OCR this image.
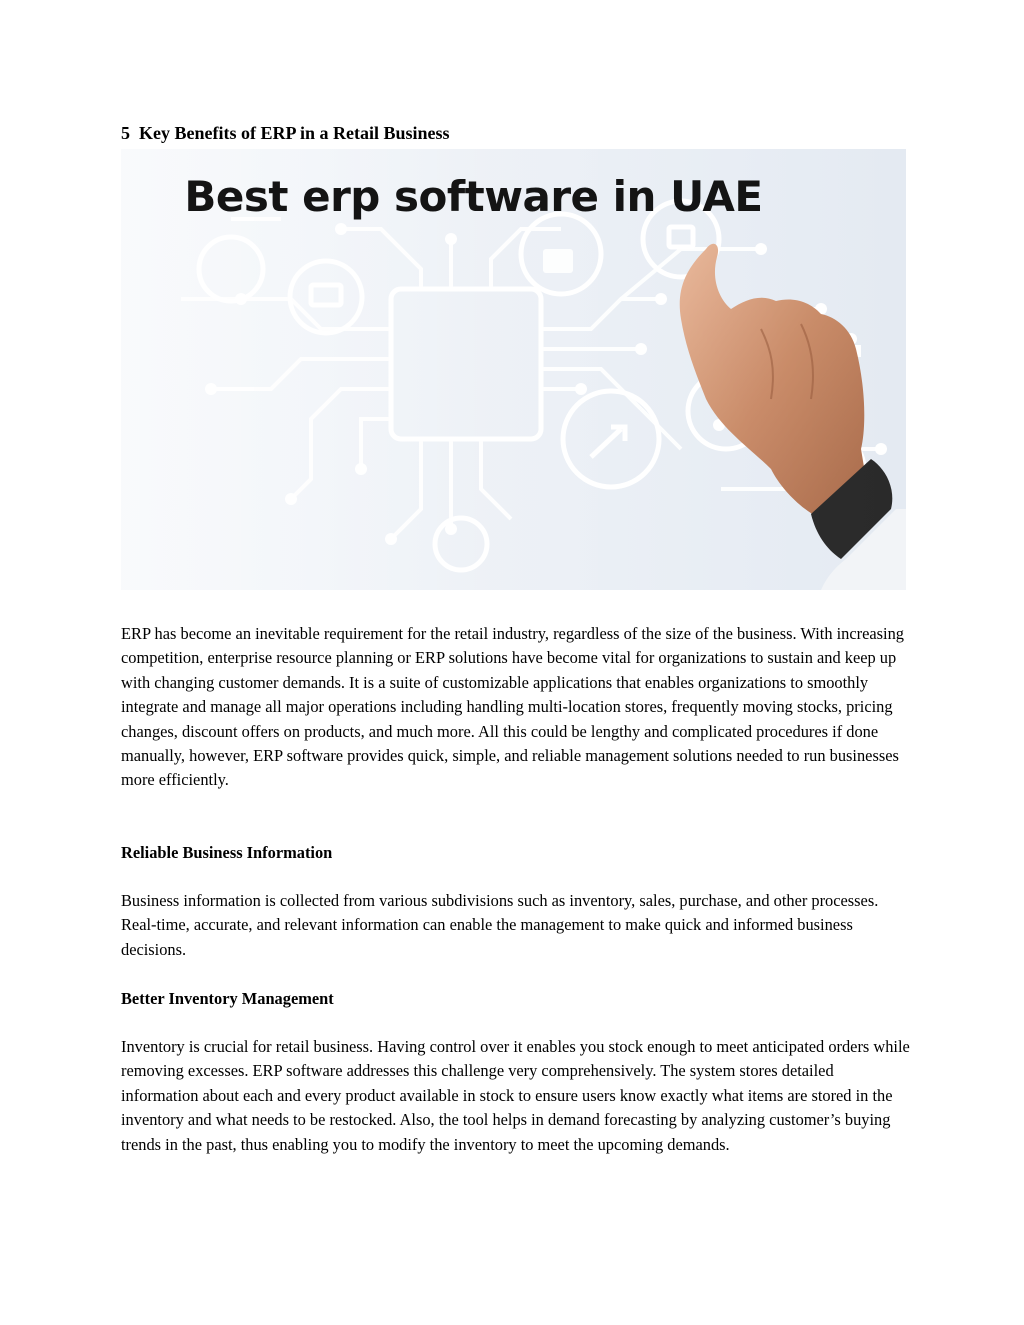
5  Key Benefits of ERP in a Retail Business
Best erp software in UAE

ERP has become an inevitable requirement for the retail industry, regardless of the size of the business. With increasing competition, enterprise resource planning or ERP solutions have become vital for organizations to sustain and keep up with changing customer demands. It is a suite of customizable applications that enables organizations to smoothly integrate and manage all major operations including handling multi-location stores, frequently moving stocks, pricing changes, discount offers on products, and much more. All this could be lengthy and complicated procedures if done manually, however, ERP software provides quick, simple, and reliable management solutions needed to run businesses more efficiently.

Reliable Business Information

Business information is collected from various subdivisions such as inventory, sales, purchase, and other processes. Real-time, accurate, and relevant information can enable the management to make quick and informed business decisions.

Better Inventory Management

Inventory is crucial for retail business. Having control over it enables you stock enough to meet anticipated orders while removing excesses. ERP software addresses this challenge very comprehensively. The system stores detailed information about each and every product available in stock to ensure users know exactly what items are stored in the inventory and what needs to be restocked. Also, the tool helps in demand forecasting by analyzing customer’s buying trends in the past, thus enabling you to modify the inventory to meet the upcoming demands.
